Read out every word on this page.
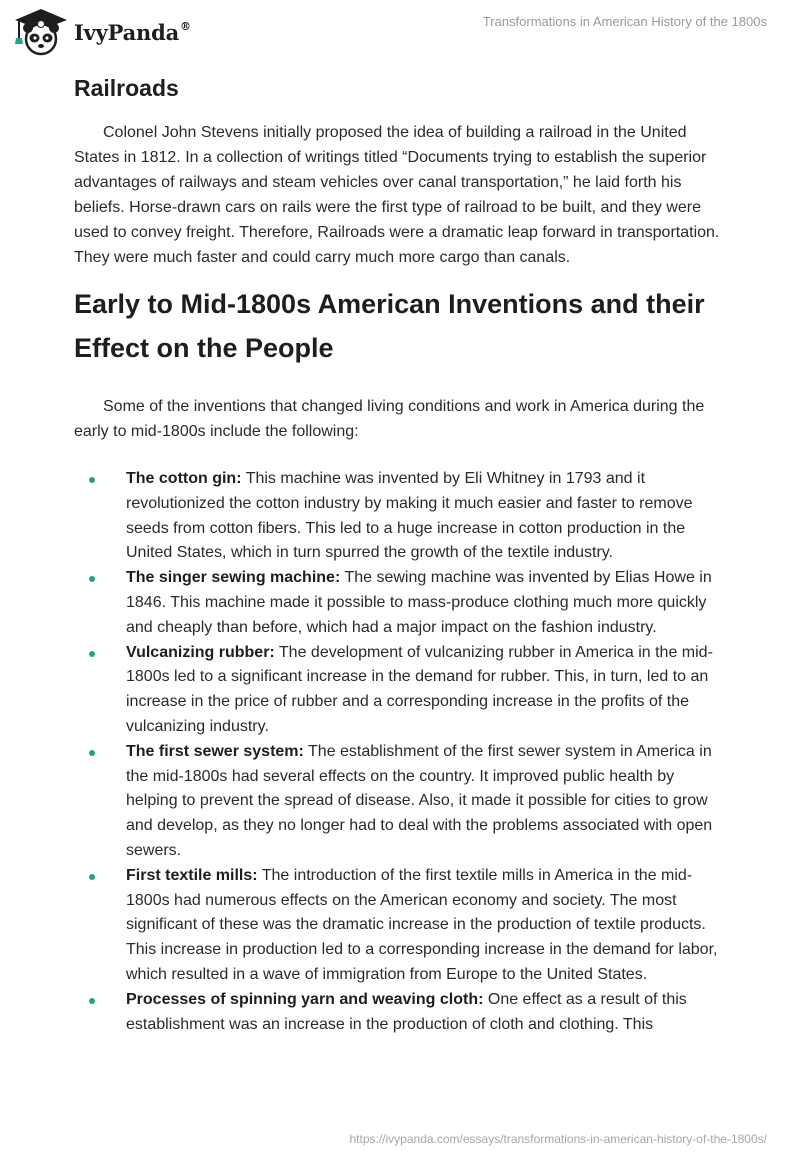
IvyPanda®	Transformations in American History of the 1800s
Railroads

Colonel John Stevens initially proposed the idea of building a railroad in the United States in 1812. In a collection of writings titled “Documents trying to establish the superior advantages of railways and steam vehicles over canal transportation,” he laid forth his beliefs. Horse-drawn cars on rails were the first type of railroad to be built, and they were used to convey freight. Therefore, Railroads were a dramatic leap forward in transportation. They were much faster and could carry much more cargo than canals.

Early to Mid-1800s American Inventions and their Effect on the People

Some of the inventions that changed living conditions and work in America during the early to mid-1800s include the following:

The cotton gin: This machine was invented by Eli Whitney in 1793 and it revolutionized the cotton industry by making it much easier and faster to remove seeds from cotton fibers. This led to a huge increase in cotton production in the United States, which in turn spurred the growth of the textile industry.
The singer sewing machine: The sewing machine was invented by Elias Howe in 1846. This machine made it possible to mass-produce clothing much more quickly and cheaply than before, which had a major impact on the fashion industry.
Vulcanizing rubber: The development of vulcanizing rubber in America in the mid-1800s led to a significant increase in the demand for rubber. This, in turn, led to an increase in the price of rubber and a corresponding increase in the profits of the vulcanizing industry.
The first sewer system: The establishment of the first sewer system in America in the mid-1800s had several effects on the country. It improved public health by helping to prevent the spread of disease. Also, it made it possible for cities to grow and develop, as they no longer had to deal with the problems associated with open sewers.
First textile mills: The introduction of the first textile mills in America in the mid-1800s had numerous effects on the American economy and society. The most significant of these was the dramatic increase in the production of textile products. This increase in production led to a corresponding increase in the demand for labor, which resulted in a wave of immigration from Europe to the United States.
Processes of spinning yarn and weaving cloth: One effect as a result of this establishment was an increase in the production of cloth and clothing. This
https://ivypanda.com/essays/transformations-in-american-history-of-the-1800s/
